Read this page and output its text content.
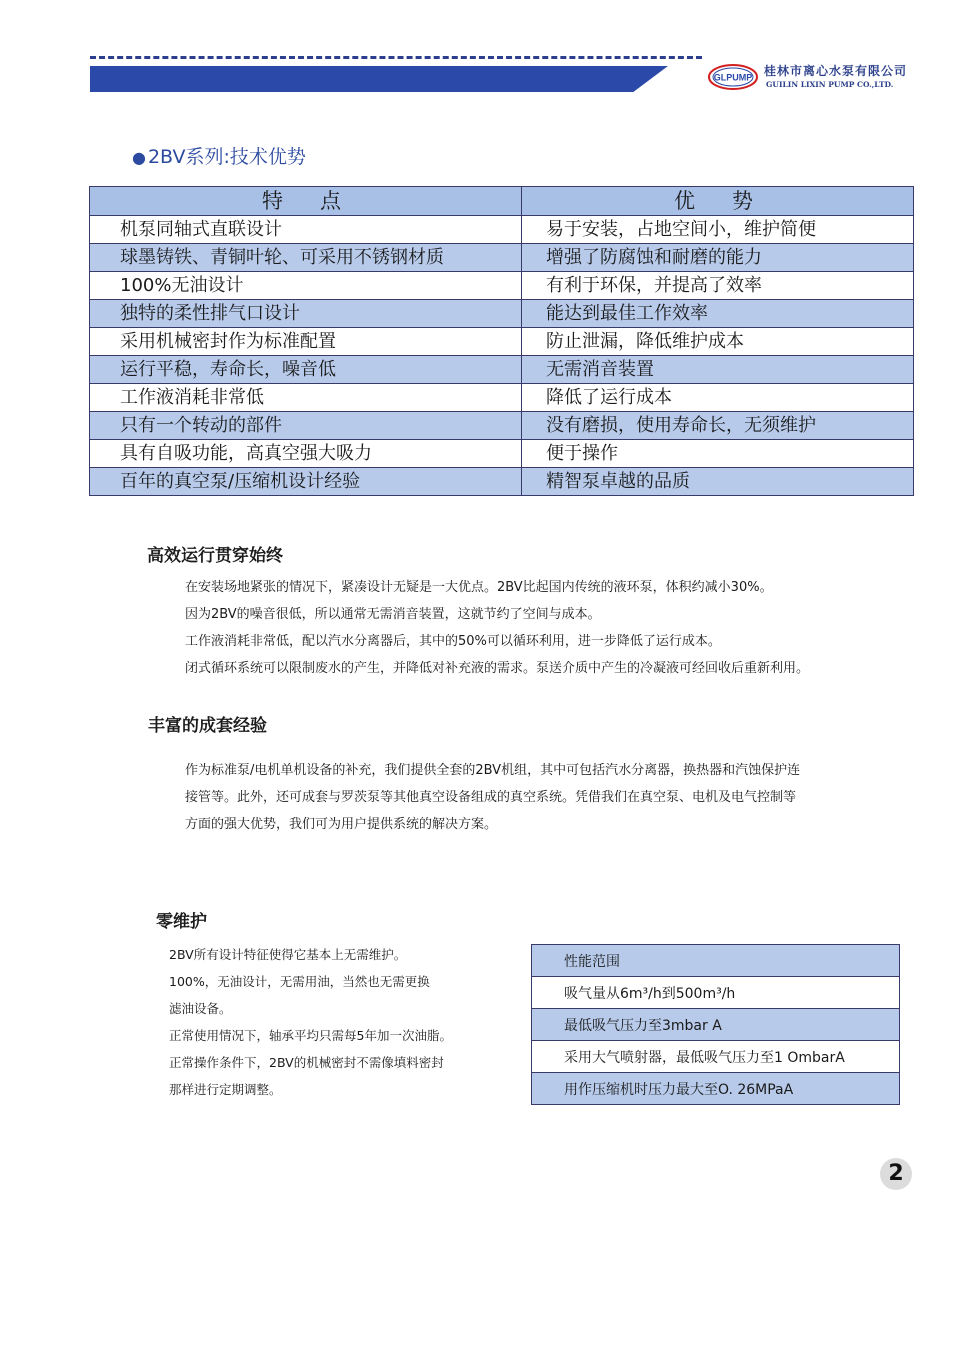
GLPUMP 桂林市离心水泵有限公司
GUILIN LIXIN PUMP CO.,LTD.
● 2BV系列:技术优势
特　点	优　势
机泵同轴式直联设计	易于安装，占地空间小，维护简便
球墨铸铁、青铜叶轮、可采用不锈钢材质	增强了防腐蚀和耐磨的能力
100%无油设计	有利于环保，并提高了效率
独特的柔性排气口设计	能达到最佳工作效率
采用机械密封作为标准配置	防止泄漏，降低维护成本
运行平稳，寿命长，噪音低	无需消音装置
工作液消耗非常低	降低了运行成本
只有一个转动的部件	没有磨损，使用寿命长，无须维护
具有自吸功能，高真空强大吸力	便于操作
百年的真空泵/压缩机设计经验	精智泵卓越的品质
高效运行贯穿始终
在安装场地紧张的情况下，紧凑设计无疑是一大优点。2BV比起国内传统的液环泵，体积约减小30%。
因为2BV的噪音很低，所以通常无需消音装置，这就节约了空间与成本。
工作液消耗非常低，配以汽水分离器后，其中的50%可以循环利用，进一步降低了运行成本。
闭式循环系统可以限制废水的产生，并降低对补充液的需求。泵送介质中产生的冷凝液可经回收后重新利用。
丰富的成套经验
作为标准泵/电机单机设备的补充，我们提供全套的2BV机组，其中可包括汽水分离器，换热器和汽蚀保护连
接管等。此外，还可成套与罗茨泵等其他真空设备组成的真空系统。凭借我们在真空泵、电机及电气控制等
方面的强大优势，我们可为用户提供系统的解决方案。
零维护
2BV所有设计特征使得它基本上无需维护。
100%，无油设计，无需用油，当然也无需更换
滤油设备。
正常使用情况下，轴承平均只需每5年加一次油脂。
正常操作条件下，2BV的机械密封不需像填料密封
那样进行定期调整。
性能范围
吸气量从6m³/h到500m³/h
最低吸气压力至3mbar A
采用大气喷射器，最低吸气压力至1 OmbarA
用作压缩机时压力最大至O. 26MPaA
2
